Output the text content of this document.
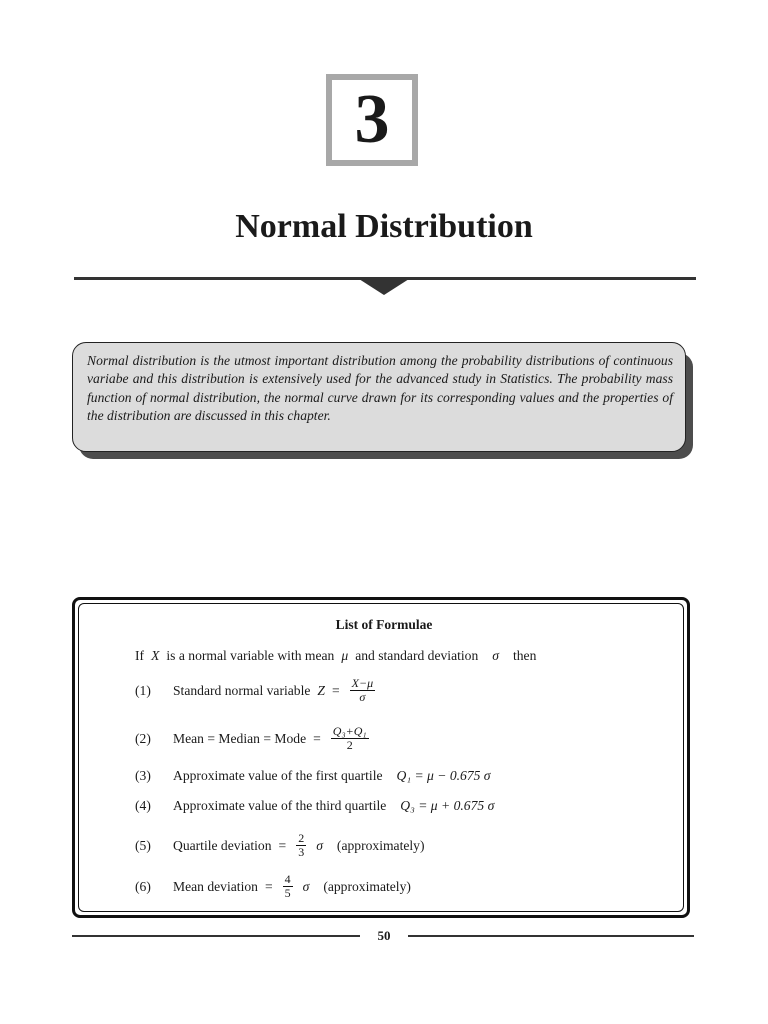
3
Normal Distribution
Normal distribution is the utmost important distribution among the probability distributions of continuous variabe and this distribution is extensively used for the advanced study in Statistics. The probability mass function of normal distribution, the normal curve drawn for its corresponding values and the properties of the distribution are discussed in this chapter.
List of Formulae
If X is a normal variable with mean μ and standard deviation σ then
(1)	Standard normal variable $Z = \frac{X-\mu}{\sigma}$
(2)	Mean = Median = Mode = $\frac{\text{Q₃+Q₁}}{2}$
(3)	Approximate value of the first quartile Q₁ = μ − 0.675 σ
(4)	Approximate value of the third quartile Q₃ = μ + 0.675 σ
(5)	Quartile deviation = $\frac{2}{3}$ σ (approximately)
(6)	Mean deviation = $\frac{4}{5}$ σ (approximately)
50
